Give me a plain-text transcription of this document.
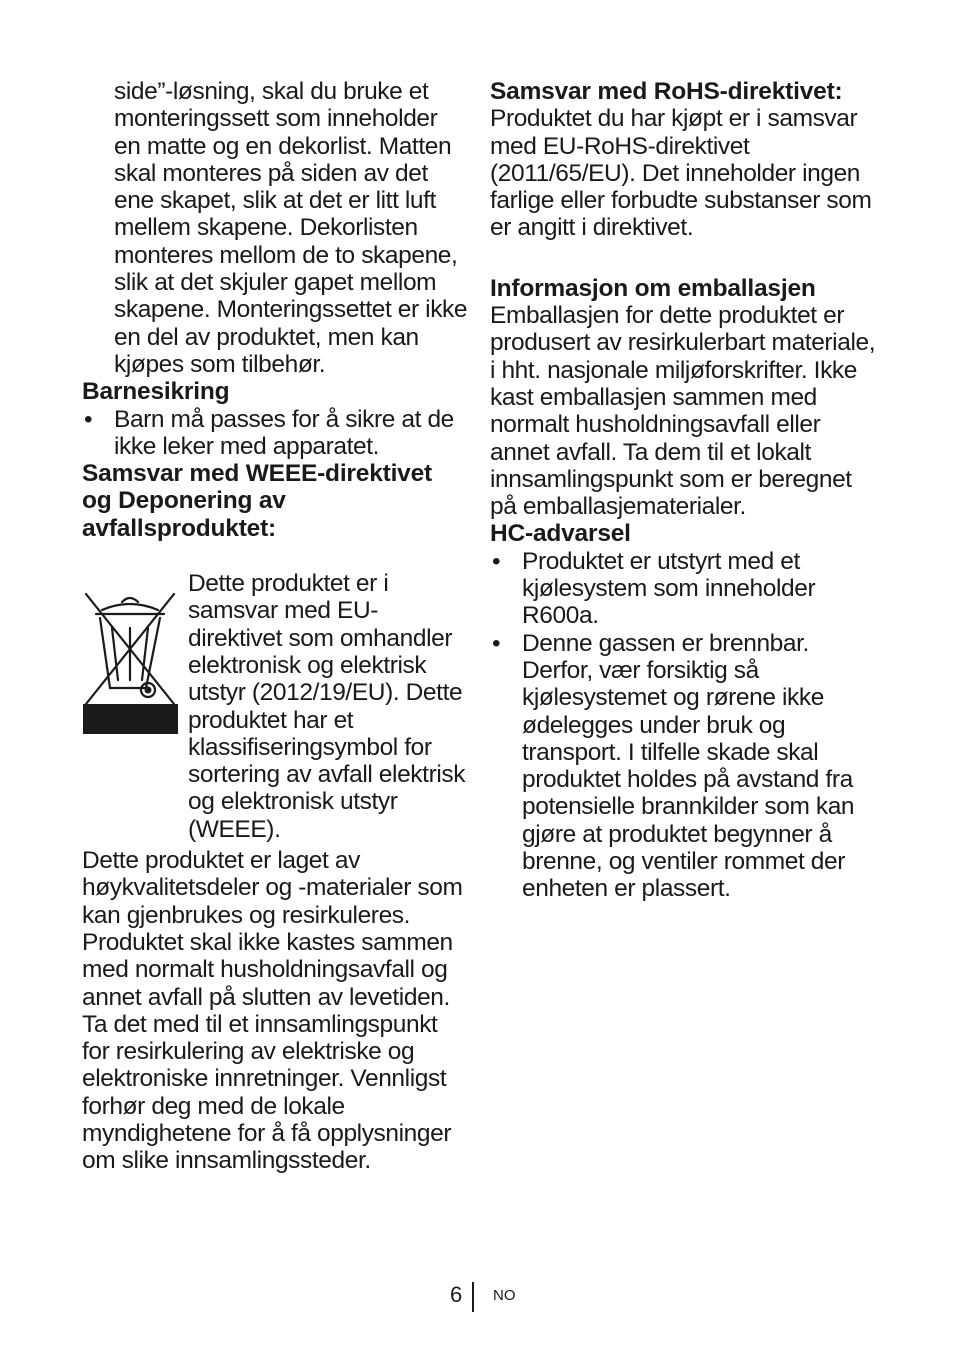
side”-løsning, skal du bruke et monteringssett som inneholder en matte og en dekorlist. Matten skal monteres på siden av det ene skapet, slik at det er litt luft mellem skapene. Dekorlisten monteres mellom de to skapene, slik at det skjuler gapet mellom skapene. Monteringssettet er ikke en del av produktet, men kan kjøpes som tilbehør.

Barnesikring

• Barn må passes for å sikre at de ikke leker med apparatet.

Samsvar med WEEE-direktivet og Deponering av avfallsproduktet:

Dette produktet er i samsvar med EU-direktivet som omhandler elektronisk og elektrisk utstyr (2012/19/EU). Dette produktet har et klassifiseringsymbol for sortering av avfall elektrisk og elektronisk utstyr (WEEE).

Dette produktet er laget av høykvalitetsdeler og -materialer som kan gjenbrukes og resirkuleres. Produktet skal ikke kastes sammen med normalt husholdningsavfall og annet avfall på slutten av levetiden. Ta det med til et innsamlingspunkt for resirkulering av elektriske og elektroniske innretninger. Vennligst forhør deg med de lokale myndighetene for å få opplysninger om slike innsamlingssteder.

Samsvar med RoHS-direktivet:

Produktet du har kjøpt er i samsvar med EU-RoHS-direktivet (2011/65/EU). Det inneholder ingen farlige eller forbudte substanser som er angitt i direktivet.

Informasjon om emballasjen

Emballasjen for dette produktet er produsert av resirkulerbart materiale, i hht. nasjonale miljøforskrifter. Ikke kast emballasjen sammen med normalt husholdningsavfall eller annet avfall. Ta dem til et lokalt innsamlingspunkt som er beregnet på emballasjematerialer.

HC-advarsel

• Produktet er utstyrt med et kjølesystem som inneholder R600a.
• Denne gassen er brennbar. Derfor, vær forsiktig så kjølesystemet og rørene ikke ødelegges under bruk og transport. I tilfelle skade skal produktet holdes på avstand fra potensielle brannkilder som kan gjøre at produktet begynner å brenne, og ventiler rommet der enheten er plassert.
6 NO
